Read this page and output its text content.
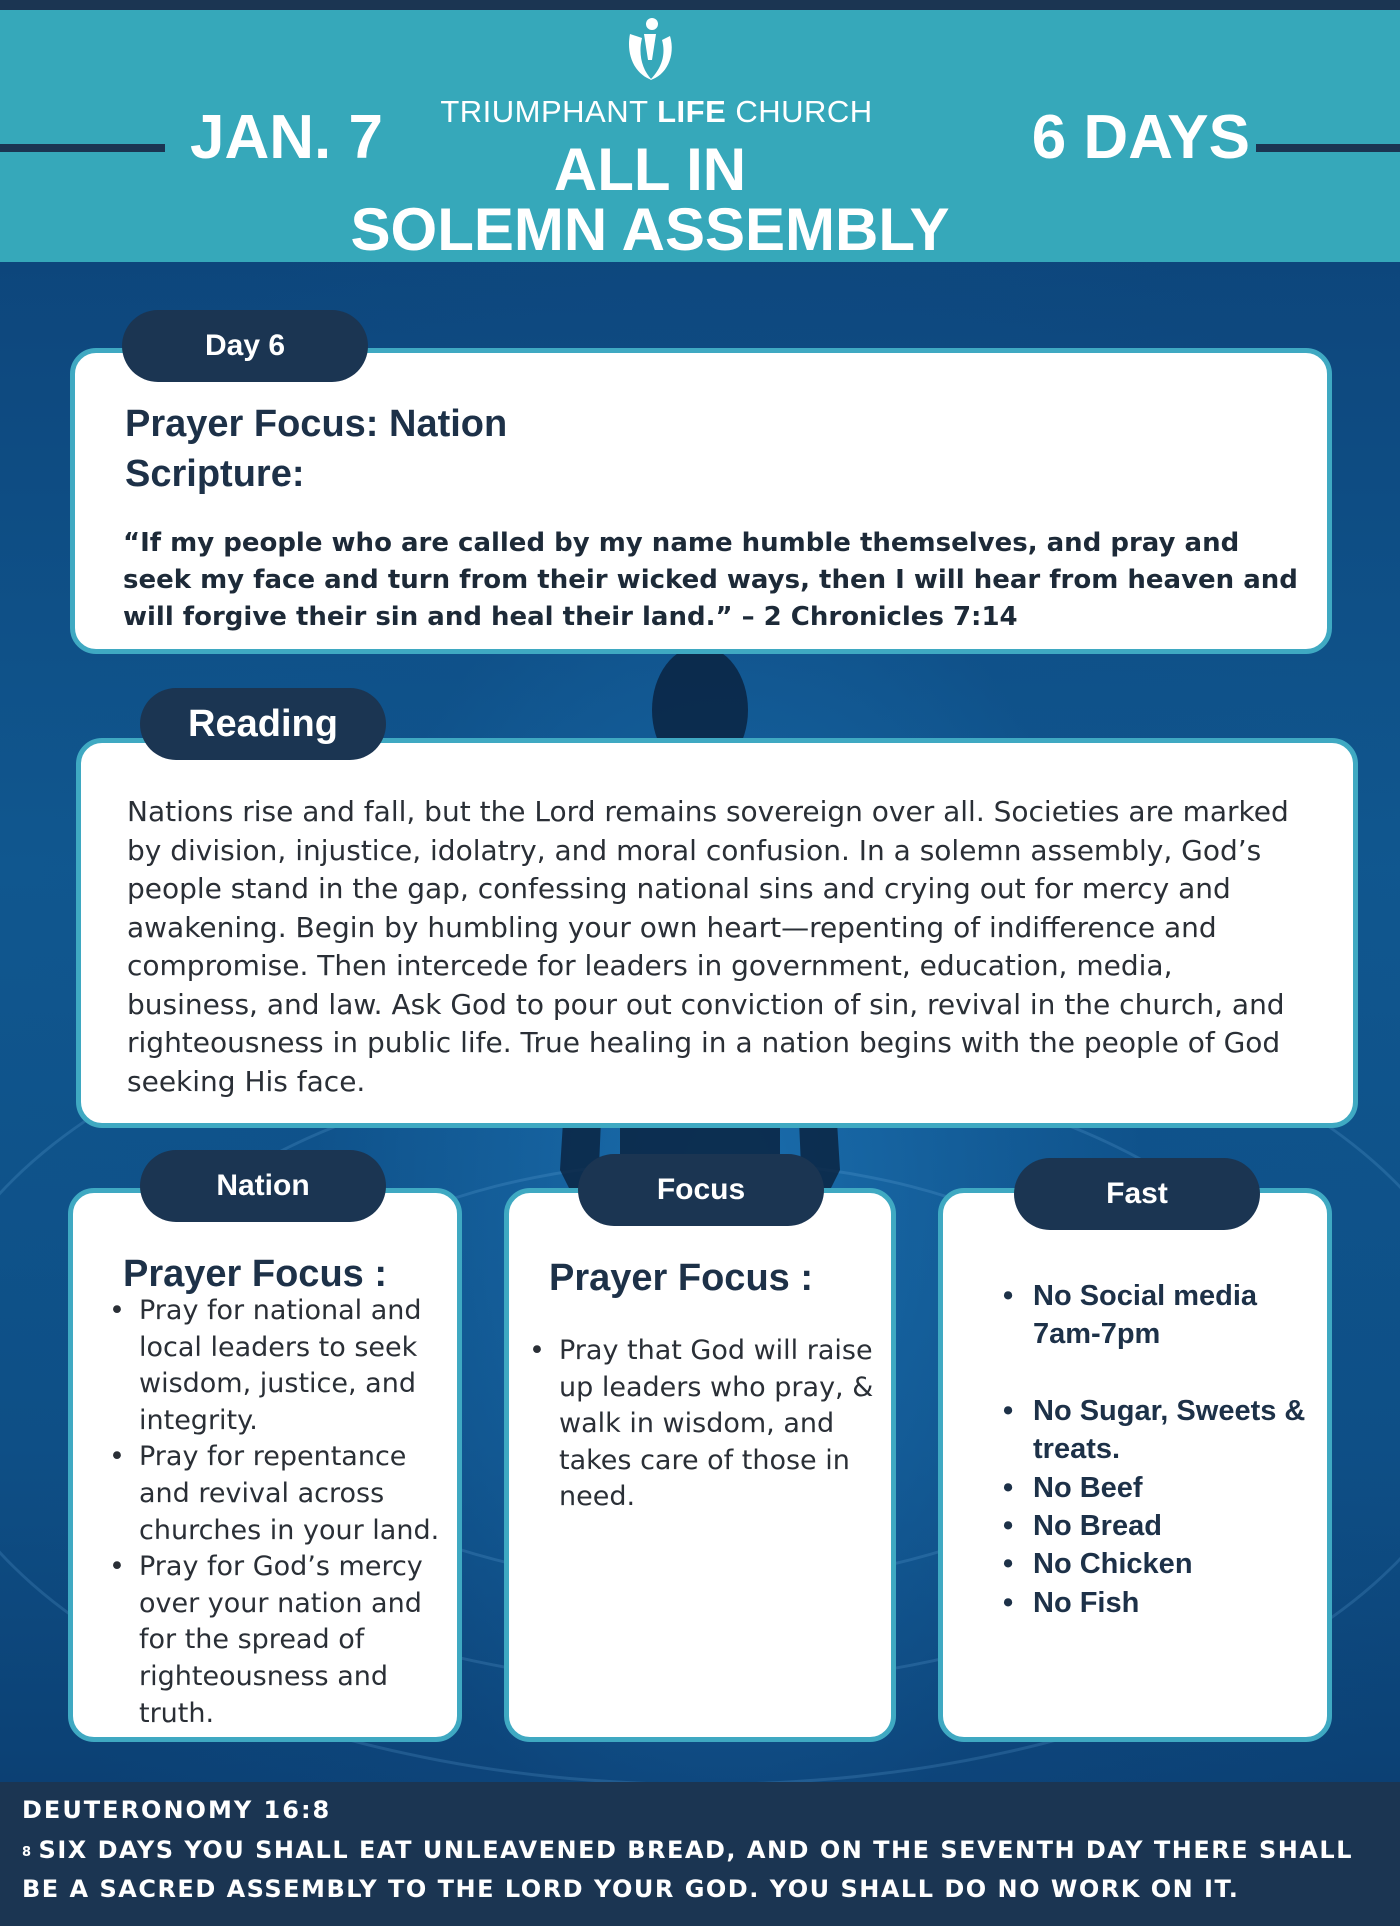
TRIUMPHANT LIFE CHURCH
JAN. 7	6 DAYS
ALL IN
SOLEMN ASSEMBLY
Prayer Focus: Nation
Scripture:
“If my people who are called by my name humble themselves, and pray and seek my face and turn from their wicked ways, then I will hear from heaven and will forgive their sin and heal their land.” – 2 Chronicles 7:14
Day 6
Nations rise and fall, but the Lord remains sovereign over all. Societies are marked by division, injustice, idolatry, and moral confusion. In a solemn assembly, God’s people stand in the gap, confessing national sins and crying out for mercy and awakening. Begin by humbling your own heart—repenting of indifference and compromise. Then intercede for leaders in government, education, media, business, and law. Ask God to pour out conviction of sin, revival in the church, and righteousness in public life. True healing in a nation begins with the people of God seeking His face.
Reading
Prayer Focus :
• Pray for national and local leaders to seek wisdom, justice, and integrity.
• Pray for repentance and revival across churches in your land.
• Pray for God’s mercy over your nation and for the spread of righteousness and truth.
Nation
Prayer Focus :
• Pray that God will raise up leaders who pray, & walk in wisdom, and takes care of those in need.
Focus
• No Social media 7am-7pm
• No Sugar, Sweets & treats.
• No Beef
• No Bread
• No Chicken
• No Fish
Fast
DEUTERONOMY 16:8
8 SIX DAYS YOU SHALL EAT UNLEAVENED BREAD, AND ON THE SEVENTH DAY THERE SHALL BE A SACRED ASSEMBLY TO THE LORD YOUR GOD. YOU SHALL DO NO WORK ON IT.
